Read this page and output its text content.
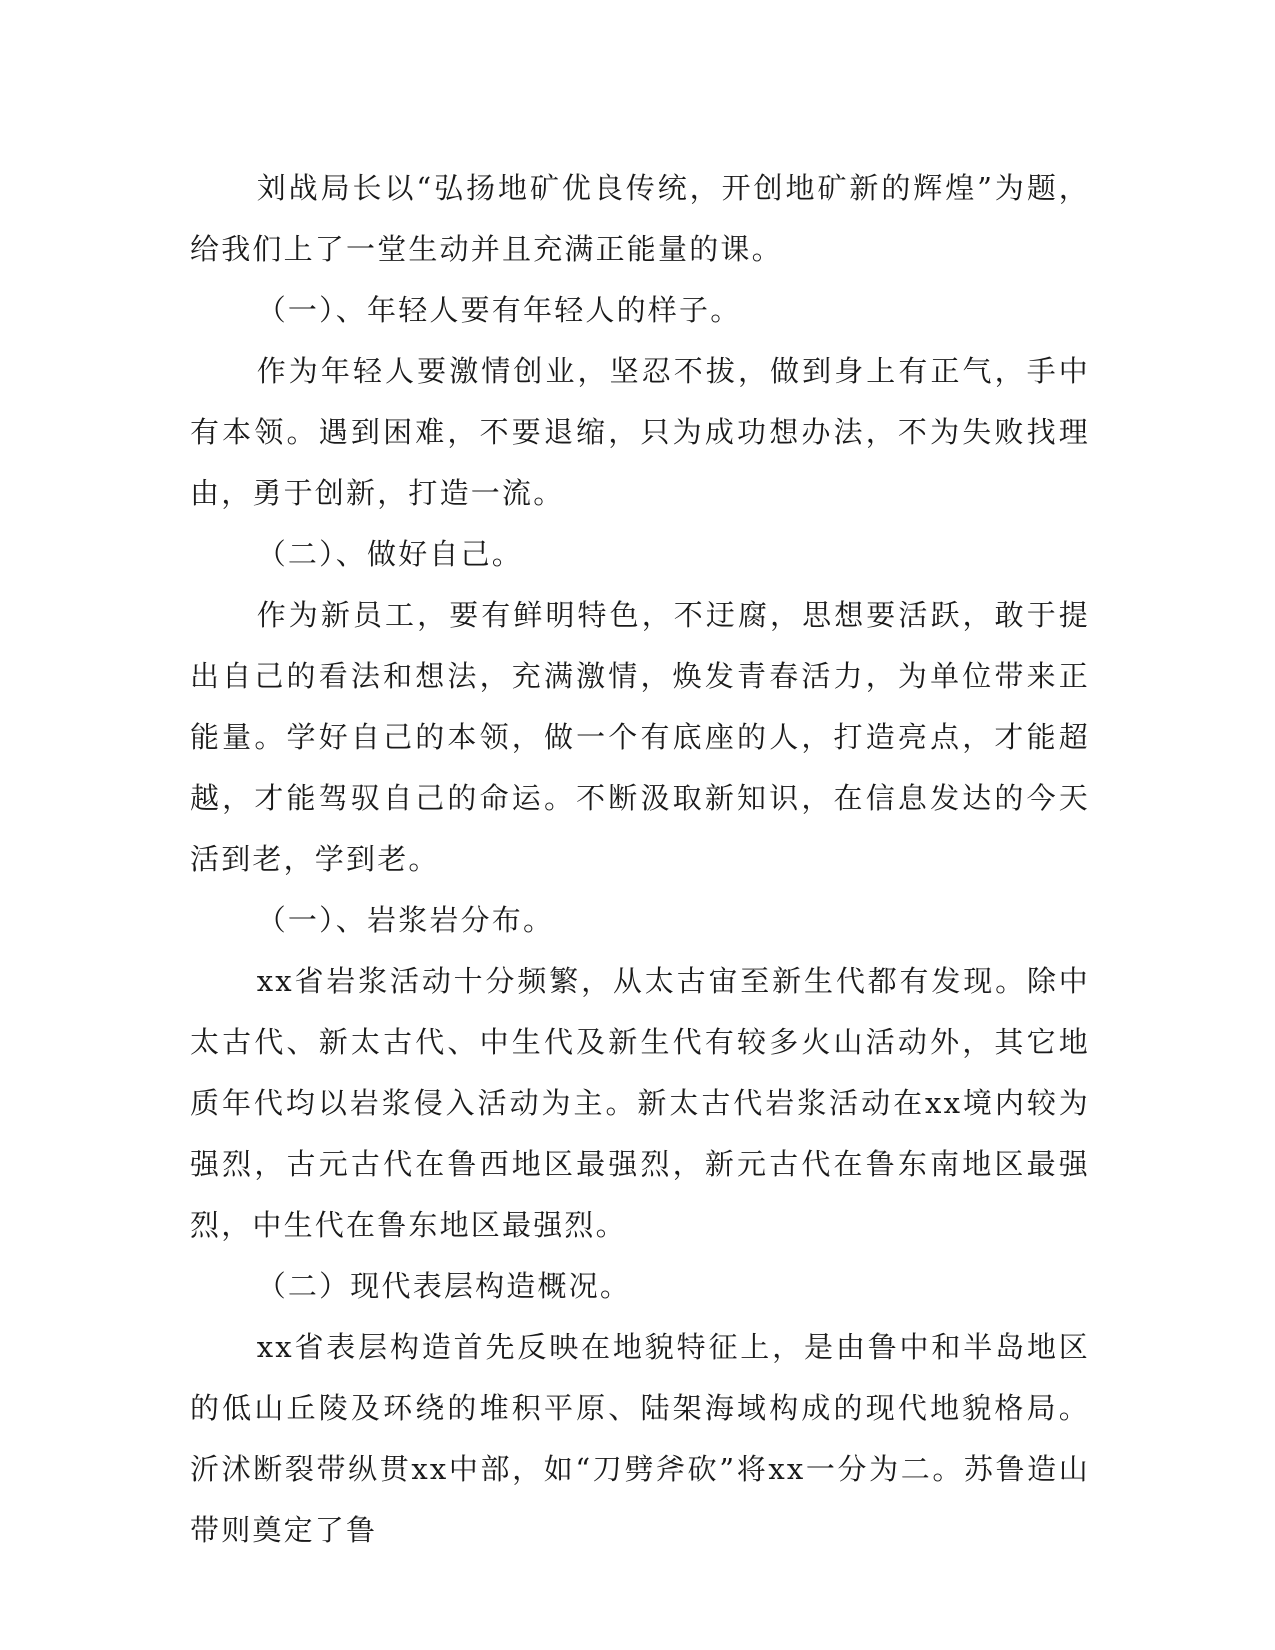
刘战局长以“弘扬地矿优良传统，开创地矿新的辉煌”为题，给我们上了一堂生动并且充满正能量的课。

（一）、年轻人要有年轻人的样子。

作为年轻人要激情创业，坚忍不拔，做到身上有正气，手中有本领。遇到困难，不要退缩，只为成功想办法，不为失败找理由，勇于创新，打造一流。

（二）、做好自己。

作为新员工，要有鲜明特色，不迂腐，思想要活跃，敢于提出自己的看法和想法，充满激情，焕发青春活力，为单位带来正能量。学好自己的本领，做一个有底座的人，打造亮点，才能超越，才能驾驭自己的命运。不断汲取新知识，在信息发达的今天活到老，学到老。

（一）、岩浆岩分布。

xx省岩浆活动十分频繁，从太古宙至新生代都有发现。除中太古代、新太古代、中生代及新生代有较多火山活动外，其它地质年代均以岩浆侵入活动为主。新太古代岩浆活动在xx境内较为强烈，古元古代在鲁西地区最强烈，新元古代在鲁东南地区最强烈，中生代在鲁东地区最强烈。

（二）现代表层构造概况。

xx省表层构造首先反映在地貌特征上，是由鲁中和半岛地区的低山丘陵及环绕的堆积平原、陆架海域构成的现代地貌格局。沂沭断裂带纵贯xx中部，如“刀劈斧砍”将xx一分为二。苏鲁造山带则奠定了鲁
